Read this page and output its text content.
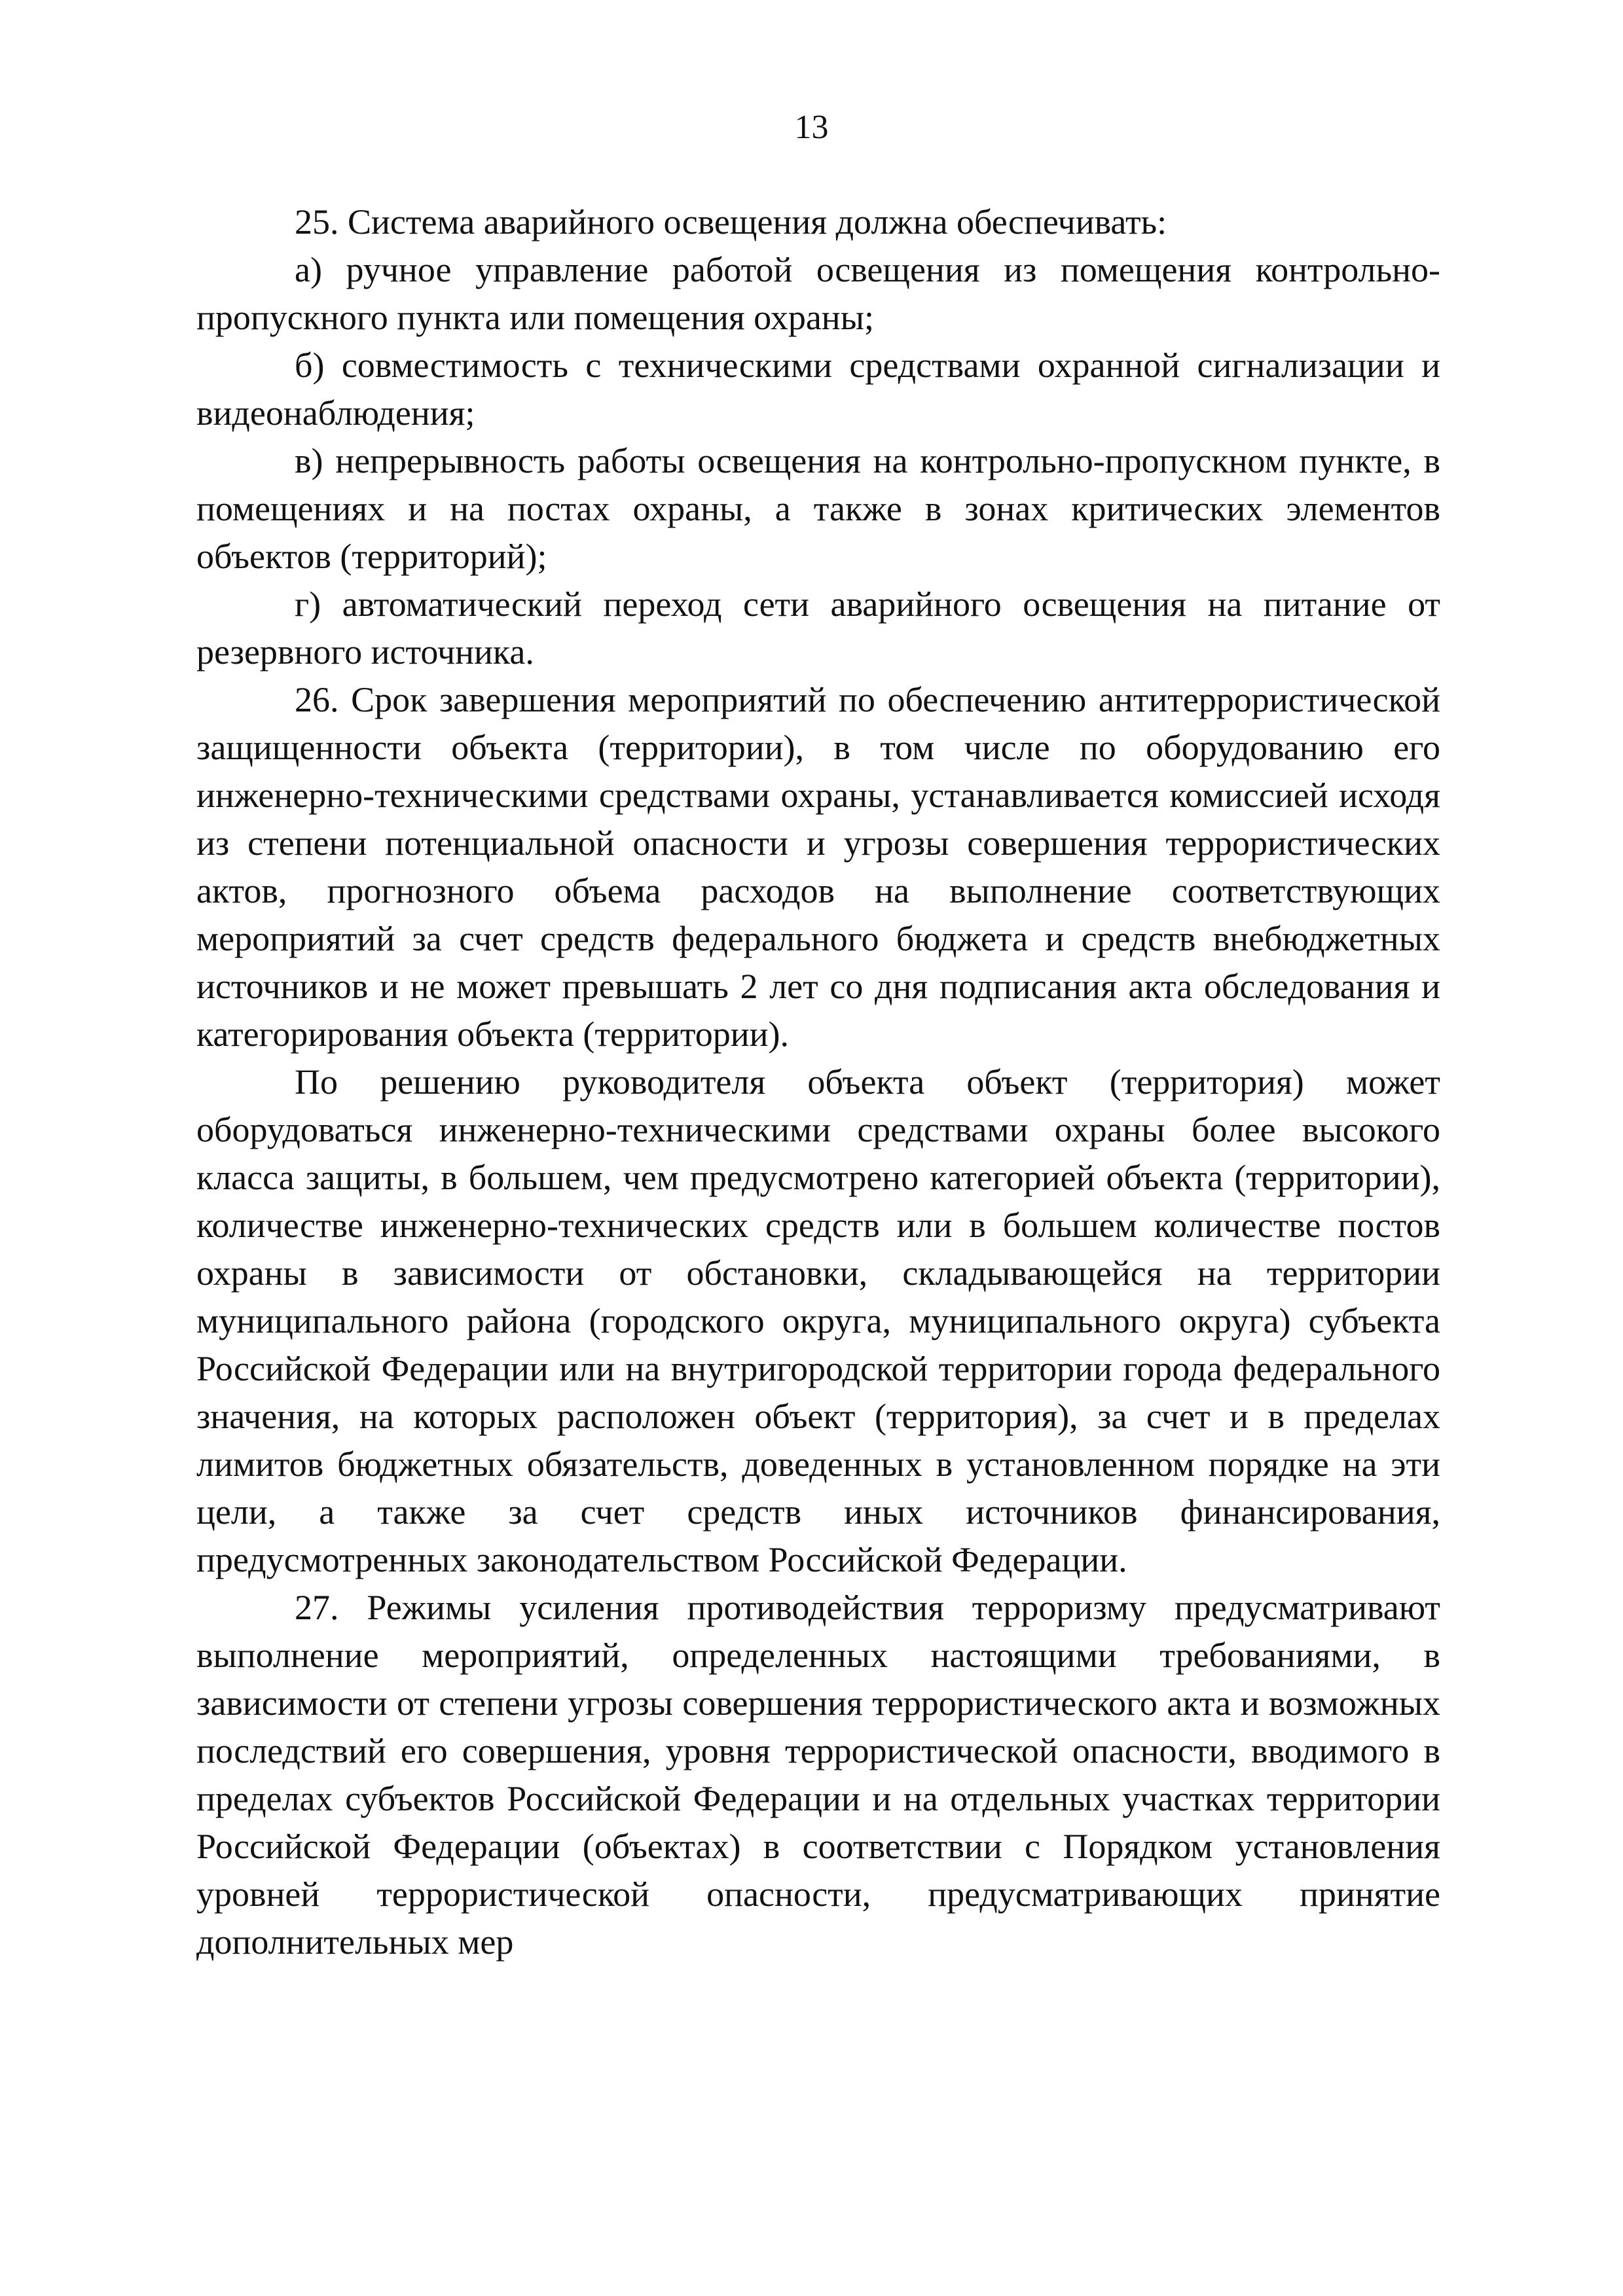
13

25. Система аварийного освещения должна обеспечивать:

а) ручное управление работой освещения из помещения контрольно-пропускного пункта или помещения охраны;

б) совместимость с техническими средствами охранной сигнализации и видеонаблюдения;

в) непрерывность работы освещения на контрольно-пропускном пункте, в помещениях и на постах охраны, а также в зонах критических элементов объектов (территорий);

г) автоматический переход сети аварийного освещения на питание от резервного источника.

26. Срок завершения мероприятий по обеспечению антитеррористической защищенности объекта (территории), в том числе по оборудованию его инженерно-техническими средствами охраны, устанавливается комиссией исходя из степени потенциальной опасности и угрозы совершения террористических актов, прогнозного объема расходов на выполнение соответствующих мероприятий за счет средств федерального бюджета и средств внебюджетных источников и не может превышать 2 лет со дня подписания акта обследования и категорирования объекта (территории).

По решению руководителя объекта объект (территория) может оборудоваться инженерно-техническими средствами охраны более высокого класса защиты, в большем, чем предусмотрено категорией объекта (территории), количестве инженерно-технических средств или в большем количестве постов охраны в зависимости от обстановки, складывающейся на территории муниципального района (городского округа, муниципального округа) субъекта Российской Федерации или на внутригородской территории города федерального значения, на которых расположен объект (территория), за счет и в пределах лимитов бюджетных обязательств, доведенных в установленном порядке на эти цели, а также за счет средств иных источников финансирования, предусмотренных законодательством Российской Федерации.

27. Режимы усиления противодействия терроризму предусматривают выполнение мероприятий, определенных настоящими требованиями, в зависимости от степени угрозы совершения террористического акта и возможных последствий его совершения, уровня террористической опасности, вводимого в пределах субъектов Российской Федерации и на отдельных участках территории Российской Федерации (объектах) в соответствии с Порядком установления уровней террористической опасности, предусматривающих принятие дополнительных мер
